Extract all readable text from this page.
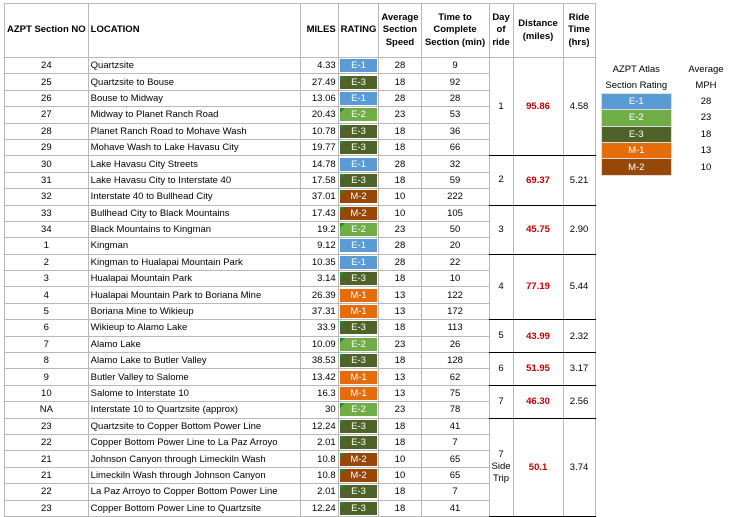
AZPT Section NO	LOCATION	MILES	RATING	Average Section Speed	Time to Complete Section (min)	Day of ride	Distance (miles)	Ride Time (hrs)
24	Quartzsite	4.33	E-1	28	9	1	95.86	4.58
25	Quartzsite to Bouse	27.49	E-3	18	92			
26	Bouse to Midway	13.06	E-1	28	28			
27	Midway to Planet Ranch Road	20.43	E-2	23	53			
28	Planet Ranch Road to Mohave Wash	10.78	E-3	18	36			
29	Mohave Wash to Lake Havasu City	19.77	E-3	18	66			
30	Lake Havasu City Streets	14.78	E-1	28	32	2	69.37	5.21
31	Lake Havasu City to Interstate 40	17.58	E-3	18	59			
32	Interstate 40 to Bullhead City	37.01	M-2	10	222			
33	Bullhead City to Black Mountains	17.43	M-2	10	105	3	45.75	2.90
34	Black Mountains to Kingman	19.2	E-2	23	50			
1	Kingman	9.12	E-1	28	20			
2	Kingman to Hualapai Mountain Park	10.35	E-1	28	22	4	77.19	5.44
3	Hualapai Mountain Park	3.14	E-3	18	10			
4	Hualapai Mountain Park to Boriana Mine	26.39	M-1	13	122			
5	Boriana Mine to Wikieup	37.31	M-1	13	172			
6	Wikieup to Alamo Lake	33.9	E-3	18	113	5	43.99	2.32
7	Alamo Lake	10.09	E-2	23	26			
8	Alamo Lake to Butler Valley	38.53	E-3	18	128	6	51.95	3.17
9	Butler Valley to Salome	13.42	M-1	13	62			
10	Salome to Interstate 10	16.3	M-1	13	75	7	46.30	2.56
NA	Interstate 10 to Quartzsite (approx)	30	E-2	23	78			
23	Quartzsite to Copper Bottom Power Line	12.24	E-3	18	41	7 Side Trip	50.1	3.74
22	Copper Bottom Power Line to La Paz Arroyo	2.01	E-3	18	7			
21	Johnson Canyon through Limeckiln Wash	10.8	M-2	10	65			
21	Limeckiln Wash through Johnson Canyon	10.8	M-2	10	65			
22	La Paz Arroyo to Copper Bottom Power Line	2.01	E-3	18	7			
23	Copper Bottom Power Line to Quartzsite	12.24	E-3	18	41			
AZPT Atlas		Average
Section Rating		MPH
E-1		28
E-2		23
E-3		18
M-1		13
M-2		10
